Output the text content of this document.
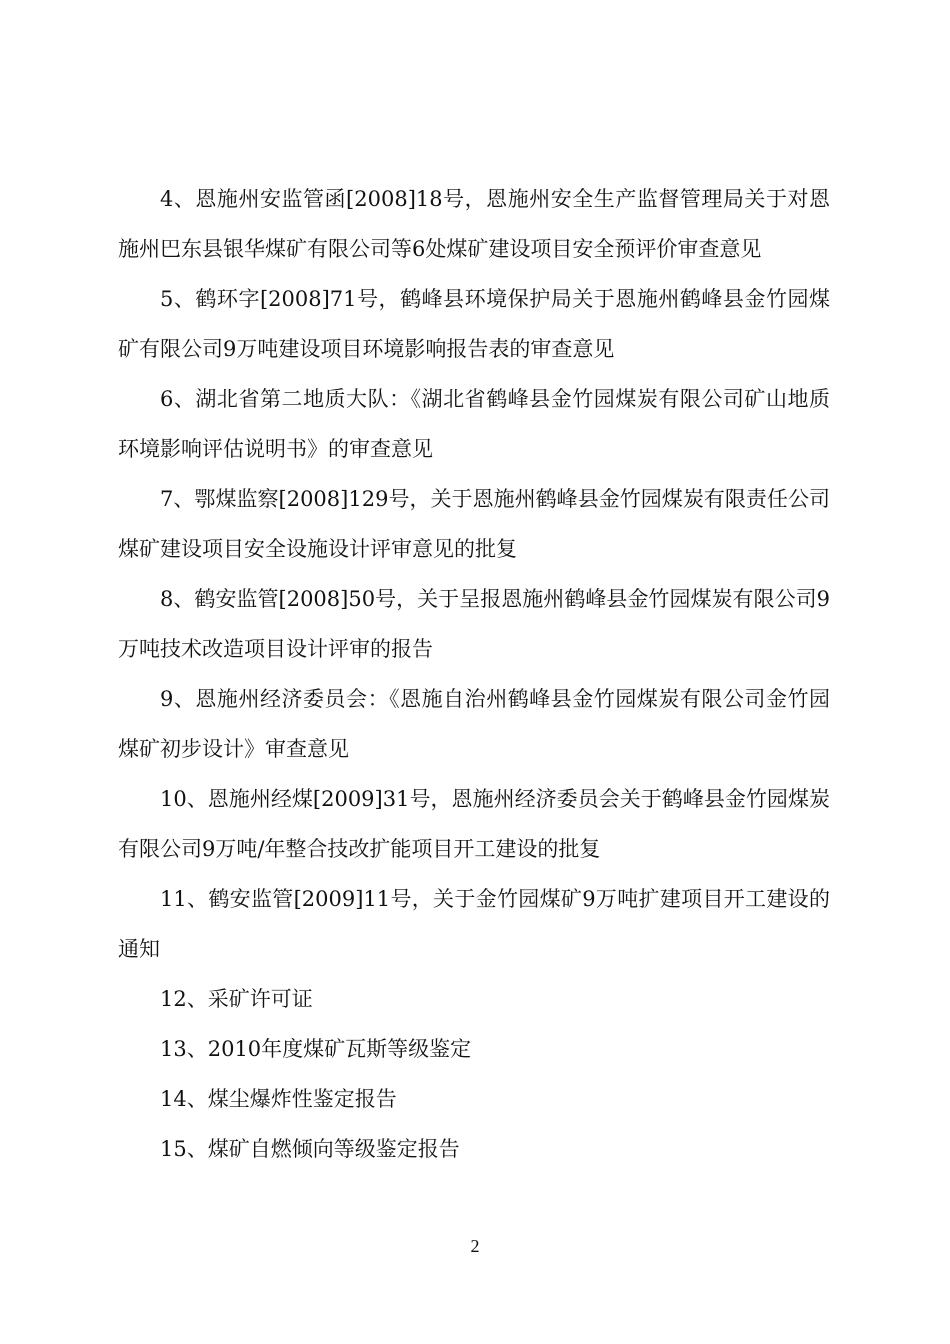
4、恩施州安监管函[2008]18号，恩施州安全生产监督管理局关于对恩施州巴东县银华煤矿有限公司等6处煤矿建设项目安全预评价审查意见

5、鹤环字[2008]71号，鹤峰县环境保护局关于恩施州鹤峰县金竹园煤矿有限公司9万吨建设项目环境影响报告表的审查意见

6、湖北省第二地质大队：《湖北省鹤峰县金竹园煤炭有限公司矿山地质环境影响评估说明书》的审查意见

7、鄂煤监察[2008]129号，关于恩施州鹤峰县金竹园煤炭有限责任公司煤矿建设项目安全设施设计评审意见的批复

8、鹤安监管[2008]50号，关于呈报恩施州鹤峰县金竹园煤炭有限公司9万吨技术改造项目设计评审的报告

9、恩施州经济委员会：《恩施自治州鹤峰县金竹园煤炭有限公司金竹园煤矿初步设计》审查意见

10、恩施州经煤[2009]31号，恩施州经济委员会关于鹤峰县金竹园煤炭有限公司9万吨/年整合技改扩能项目开工建设的批复

11、鹤安监管[2009]11号，关于金竹园煤矿9万吨扩建项目开工建设的通知

12、采矿许可证

13、2010年度煤矿瓦斯等级鉴定

14、煤尘爆炸性鉴定报告

15、煤矿自燃倾向等级鉴定报告

2
